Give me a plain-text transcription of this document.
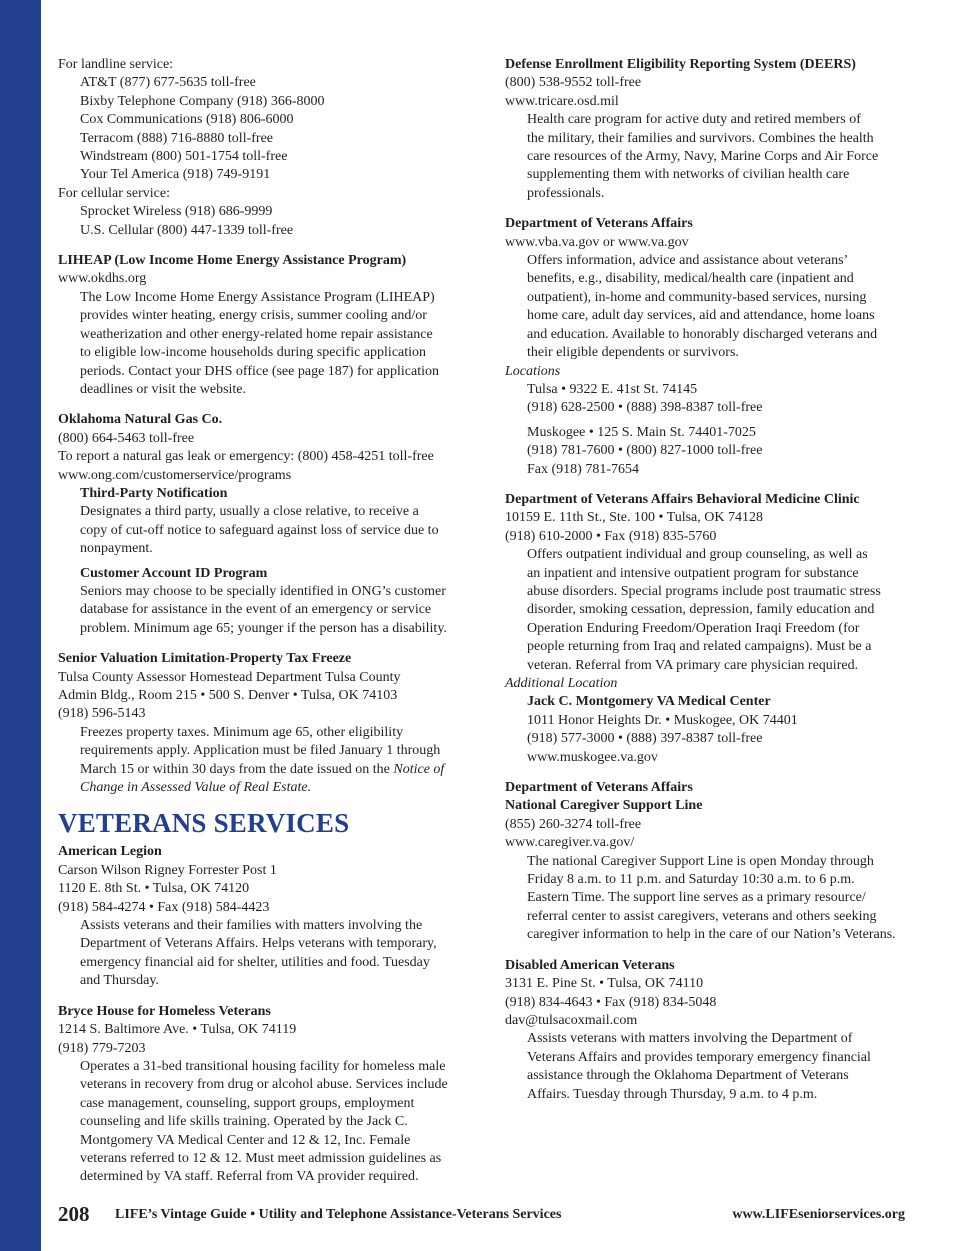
For landline service:
AT&T (877) 677-5635 toll-free
Bixby Telephone Company (918) 366-8000
Cox Communications (918) 806-6000
Terracom (888) 716-8880 toll-free
Windstream (800) 501-1754 toll-free
Your Tel America (918) 749-9191
For cellular service:
Sprocket Wireless (918) 686-9999
U.S. Cellular (800) 447-1339 toll-free
LIHEAP (Low Income Home Energy Assistance Program)
www.okdhs.org
The Low Income Home Energy Assistance Program (LIHEAP)
provides winter heating, energy crisis, summer cooling and/or
weatherization and other energy-related home repair assistance
to eligible low-income households during specific application
periods. Contact your DHS office (see page 187) for application
deadlines or visit the website.
Oklahoma Natural Gas Co.
(800) 664-5463 toll-free
To report a natural gas leak or emergency: (800) 458-4251 toll-free
www.ong.com/customerservice/programs
Third-Party Notification
Designates a third party, usually a close relative, to receive a
copy of cut-off notice to safeguard against loss of service due to
nonpayment.
Customer Account ID Program
Seniors may choose to be specially identified in ONG’s customer
database for assistance in the event of an emergency or service
problem. Minimum age 65; younger if the person has a disability.
Senior Valuation Limitation-Property Tax Freeze
Tulsa County Assessor Homestead Department Tulsa County
Admin Bldg., Room 215 • 500 S. Denver • Tulsa, OK 74103
(918) 596-5143
Freezes property taxes. Minimum age 65, other eligibility
requirements apply. Application must be filed January 1 through
March 15 or within 30 days from the date issued on the Notice of
Change in Assessed Value of Real Estate.
VETERANS SERVICES
American Legion
Carson Wilson Rigney Forrester Post 1
1120 E. 8th St. • Tulsa, OK 74120
(918) 584-4274 • Fax (918) 584-4423
Assists veterans and their families with matters involving the
Department of Veterans Affairs. Helps veterans with temporary,
emergency financial aid for shelter, utilities and food. Tuesday
and Thursday.
Bryce House for Homeless Veterans
1214 S. Baltimore Ave. • Tulsa, OK 74119
(918) 779-7203
Operates a 31-bed transitional housing facility for homeless male
veterans in recovery from drug or alcohol abuse. Services include
case management, counseling, support groups, employment
counseling and life skills training. Operated by the Jack C.
Montgomery VA Medical Center and 12 & 12, Inc. Female
veterans referred to 12 & 12. Must meet admission guidelines as
determined by VA staff. Referral from VA provider required.
Defense Enrollment Eligibility Reporting System (DEERS)
(800) 538-9552 toll-free
www.tricare.osd.mil
Health care program for active duty and retired members of
the military, their families and survivors. Combines the health
care resources of the Army, Navy, Marine Corps and Air Force
supplementing them with networks of civilian health care
professionals.
Department of Veterans Affairs
www.vba.va.gov or www.va.gov
Offers information, advice and assistance about veterans’
benefits, e.g., disability, medical/health care (inpatient and
outpatient), in-home and community-based services, nursing
home care, adult day services, aid and attendance, home loans
and education. Available to honorably discharged veterans and
their eligible dependents or survivors.
Locations
Tulsa • 9322 E. 41st St. 74145
(918) 628-2500 • (888) 398-8387 toll-free
Muskogee • 125 S. Main St. 74401-7025
(918) 781-7600 • (800) 827-1000 toll-free
Fax (918) 781-7654
Department of Veterans Affairs Behavioral Medicine Clinic
10159 E. 11th St., Ste. 100 • Tulsa, OK 74128
(918) 610-2000 • Fax (918) 835-5760
Offers outpatient individual and group counseling, as well as
an inpatient and intensive outpatient program for substance
abuse disorders. Special programs include post traumatic stress
disorder, smoking cessation, depression, family education and
Operation Enduring Freedom/Operation Iraqi Freedom (for
people returning from Iraq and related campaigns). Must be a
veteran. Referral from VA primary care physician required.
Additional Location
Jack C. Montgomery VA Medical Center
1011 Honor Heights Dr. • Muskogee, OK 74401
(918) 577-3000 • (888) 397-8387 toll-free
www.muskogee.va.gov
Department of Veterans Affairs
National Caregiver Support Line
(855) 260-3274 toll-free
www.caregiver.va.gov/
The national Caregiver Support Line is open Monday through
Friday 8 a.m. to 11 p.m. and Saturday 10:30 a.m. to 6 p.m.
Eastern Time. The support line serves as a primary resource/
referral center to assist caregivers, veterans and others seeking
caregiver information to help in the care of our Nation’s Veterans.
Disabled American Veterans
3131 E. Pine St. • Tulsa, OK 74110
(918) 834-4643 • Fax (918) 834-5048
dav@tulsacoxmail.com
Assists veterans with matters involving the Department of
Veterans Affairs and provides temporary emergency financial
assistance through the Oklahoma Department of Veterans
Affairs. Tuesday through Thursday, 9 a.m. to 4 p.m.
208 LIFE’s Vintage Guide • Utility and Telephone Assistance-Veterans Services	www.LIFEseniorservices.org
